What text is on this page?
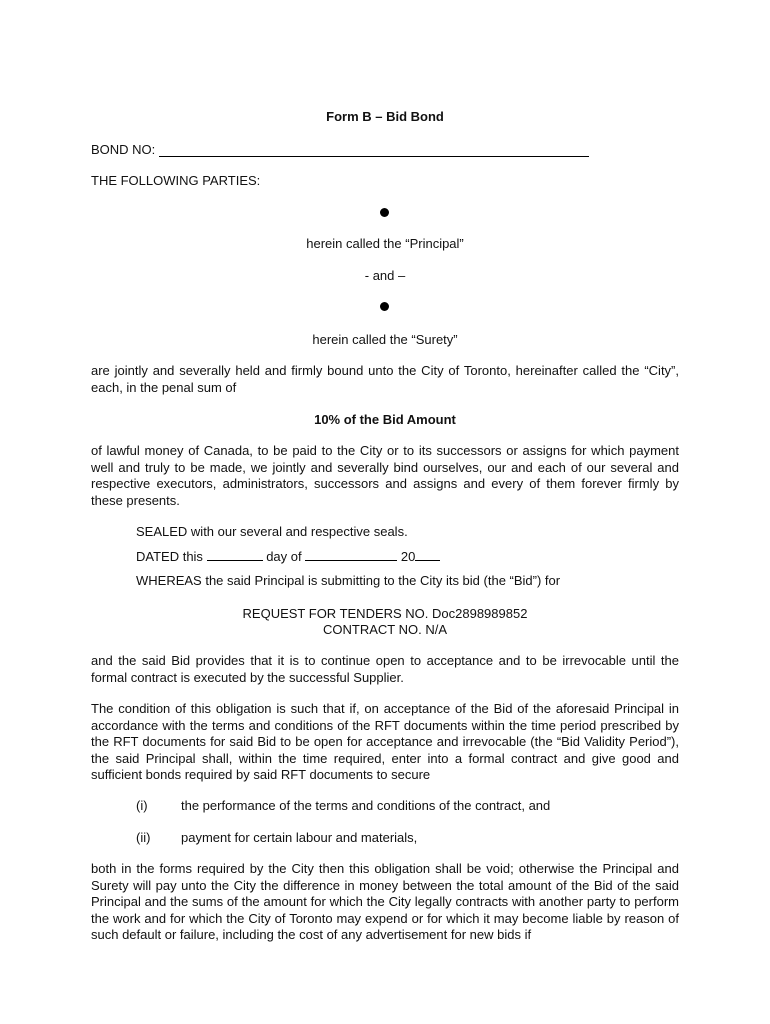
Form B – Bid Bond
BOND NO:
THE FOLLOWING PARTIES:
herein called the “Principal”
- and –
herein called the “Surety”
are jointly and severally held and firmly bound unto the City of Toronto, hereinafter called the “City”, each, in the penal sum of
10% of the Bid Amount
of lawful money of Canada, to be paid to the City or to its successors or assigns for which payment well and truly to be made, we jointly and severally bind ourselves, our and each of our several and respective executors, administrators, successors and assigns and every of them forever firmly by these presents.
SEALED with our several and respective seals.
DATED this	day of	20
WHEREAS the said Principal is submitting to the City its bid (the “Bid”) for
REQUEST FOR TENDERS NO. Doc2898989852
CONTRACT NO. N/A
and the said Bid provides that it is to continue open to acceptance and to be irrevocable until the formal contract is executed by the successful Supplier.
The condition of this obligation is such that if, on acceptance of the Bid of the aforesaid Principal in accordance with the terms and conditions of the RFT documents within the time period prescribed by the RFT documents for said Bid to be open for acceptance and irrevocable (the “Bid Validity Period”), the said Principal shall, within the time required, enter into a formal contract and give good and sufficient bonds required by said RFT documents to secure
(i)	the performance of the terms and conditions of the contract, and
(ii) payment for certain labour and materials,
both in the forms required by the City then this obligation shall be void; otherwise the Principal and Surety will pay unto the City the difference in money between the total amount of the Bid of the said Principal and the sums of the amount for which the City legally contracts with another party to perform the work and for which the City of Toronto may expend or for which it may become liable by reason of such default or failure, including the cost of any advertisement for new bids if
